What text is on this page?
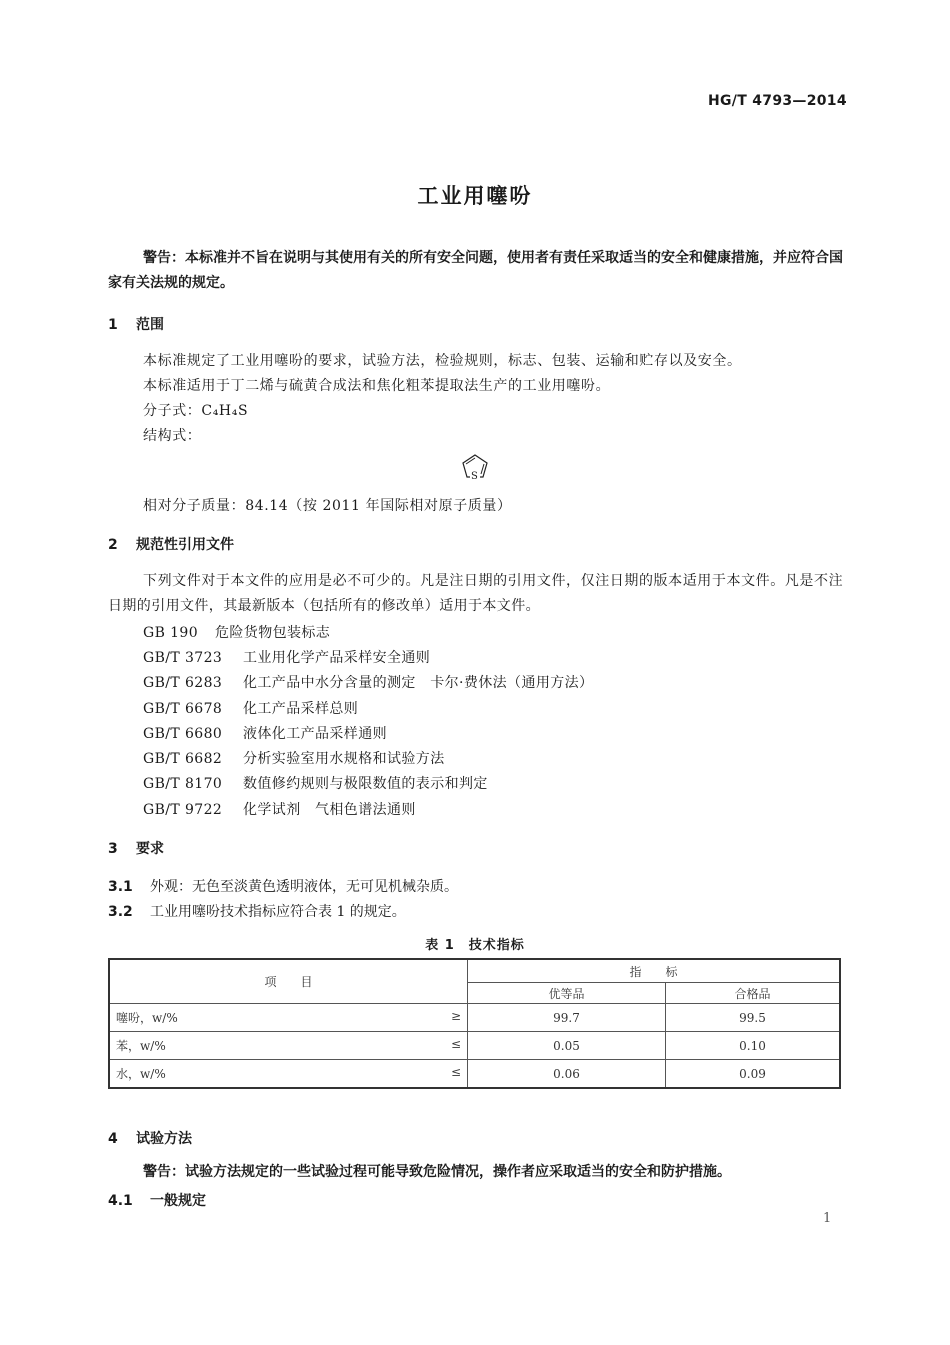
HG/T 4793—2014
工业用噻吩
警告：本标准并不旨在说明与其使用有关的所有安全问题，使用者有责任采取适当的安全和健康措施，并应符合国家有关法规的规定。
1 范围
本标准规定了工业用噻吩的要求，试验方法，检验规则，标志、包装、运输和贮存以及安全。
本标准适用于丁二烯与硫黄合成法和焦化粗苯提取法生产的工业用噻吩。
分子式：C₄H₄S
结构式：
S
相对分子质量：84.14（按 2011 年国际相对原子质量）
2 规范性引用文件
下列文件对于本文件的应用是必不可少的。凡是注日期的引用文件，仅注日期的版本适用于本文件。凡是不注日期的引用文件，其最新版本（包括所有的修改单）适用于本文件。
GB 190 危险货物包装标志
GB/T 3723 工业用化学产品采样安全通则
GB/T 6283 化工产品中水分含量的测定　卡尔·费休法（通用方法）
GB/T 6678 化工产品采样总则
GB/T 6680 液体化工产品采样通则
GB/T 6682 分析实验室用水规格和试验方法
GB/T 8170 数值修约规则与极限数值的表示和判定
GB/T 9722 化学试剂　气相色谱法通则
3 要求
3.1 外观：无色至淡黄色透明液体，无可见机械杂质。
3.2 工业用噻吩技术指标应符合表 1 的规定。
表 1　技术指标
项　　目	指　　标	
	优等品	合格品

噻吩，w/% ≥	99.7	99.5

苯，w/% ≤	0.05	0.10

水，w/% ≤	0.06	0.09
4 试验方法
警告：试验方法规定的一些试验过程可能导致危险情况，操作者应采取适当的安全和防护措施。
4.1 一般规定
1
